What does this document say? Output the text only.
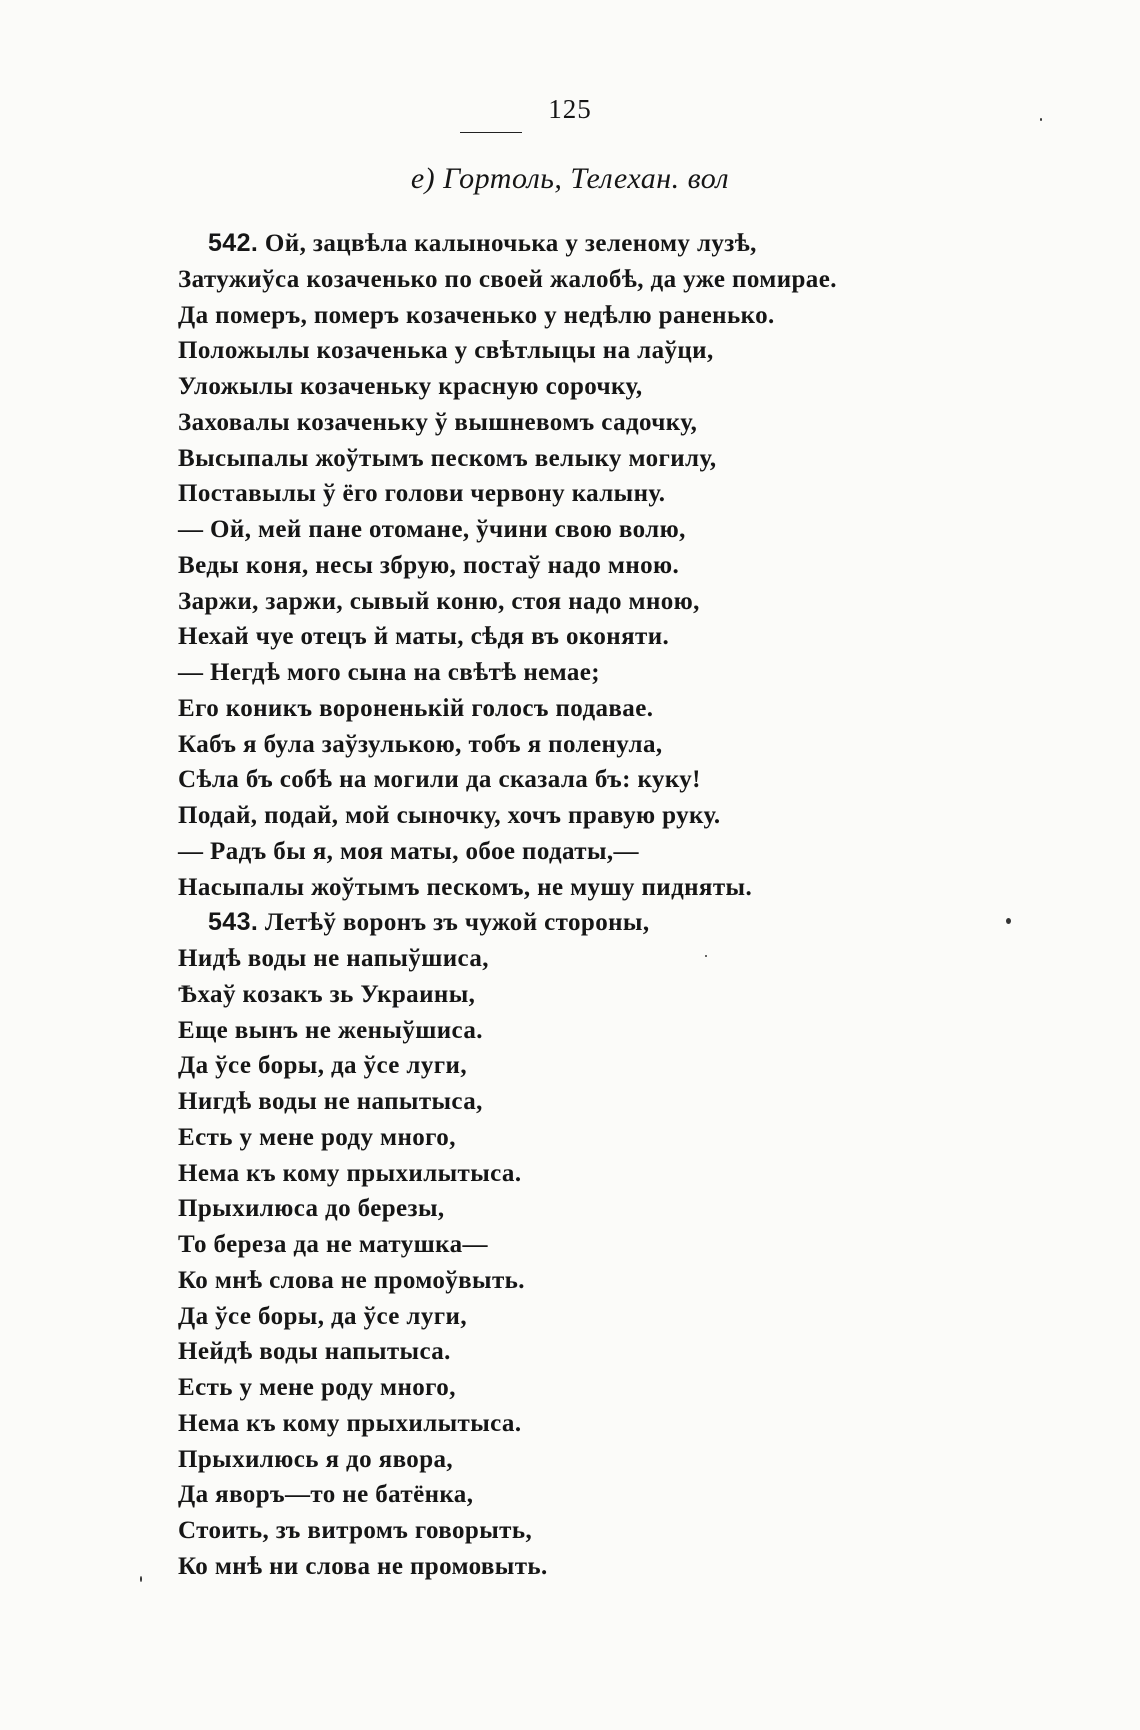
125
е) Гортоль, Телехан. вол
542. Ой, зацвѣла калыночька у зеленому лузѣ,
Затужиўса козаченько по своей жалобѣ, да уже помирае.
Да померъ, померъ козаченько у недѣлю раненько.
Положылы козаченька у свѣтлыцы на лаўци,
Уложылы козаченьку красную сорочку,
Заховалы козаченьку ў вышневомъ садочку,
Высыпалы жоўтымъ пескомъ велыку могилу,
Поставылы ў ёго голови червону калыну.
— Ой, мей пане отомане, ўчини свою волю,
Веды коня, несы збрую, постаў надо мною.
Заржи, заржи, сывый коню, стоя надо мною,
Нехай чуе отецъ й маты, сѣдя въ оконяти.
— Негдѣ мого сына на свѣтѣ немае;
Его коникъ вороненькій голосъ подавае.
Кабъ я була заўзулькою, тобъ я поленула,
Сѣла бъ собѣ на могили да сказала бъ: куку!
Подай, подай, мой сыночку, хочъ правую руку.
— Радъ бы я, моя маты, обое податы,—
Насыпалы жоўтымъ пескомъ, не мушу пидняты.
543. Летѣў воронъ зъ чужой стороны,
Нидѣ воды не напыўшиса,
Ѣхаў козакъ зь Украины,
Еще вынъ не женыўшиса.
Да ўсе боры, да ўсе луги,
Нигдѣ воды не напытыса,
Есть у мене роду много,
Нема къ кому прыхилытыса.
Прыхилюса до березы,
То береза да не матушка—
Ко мнѣ слова не промоўвыть.
Да ўсе боры, да ўсе луги,
Нейдѣ воды напытыса.
Есть у мене роду много,
Нема къ кому прыхилытыса.
Прыхилюсь я до явора,
Да яворъ—то не батёнка,
Стоить, зъ витромъ говорыть,
Ко мнѣ ни слова не промовыть.
